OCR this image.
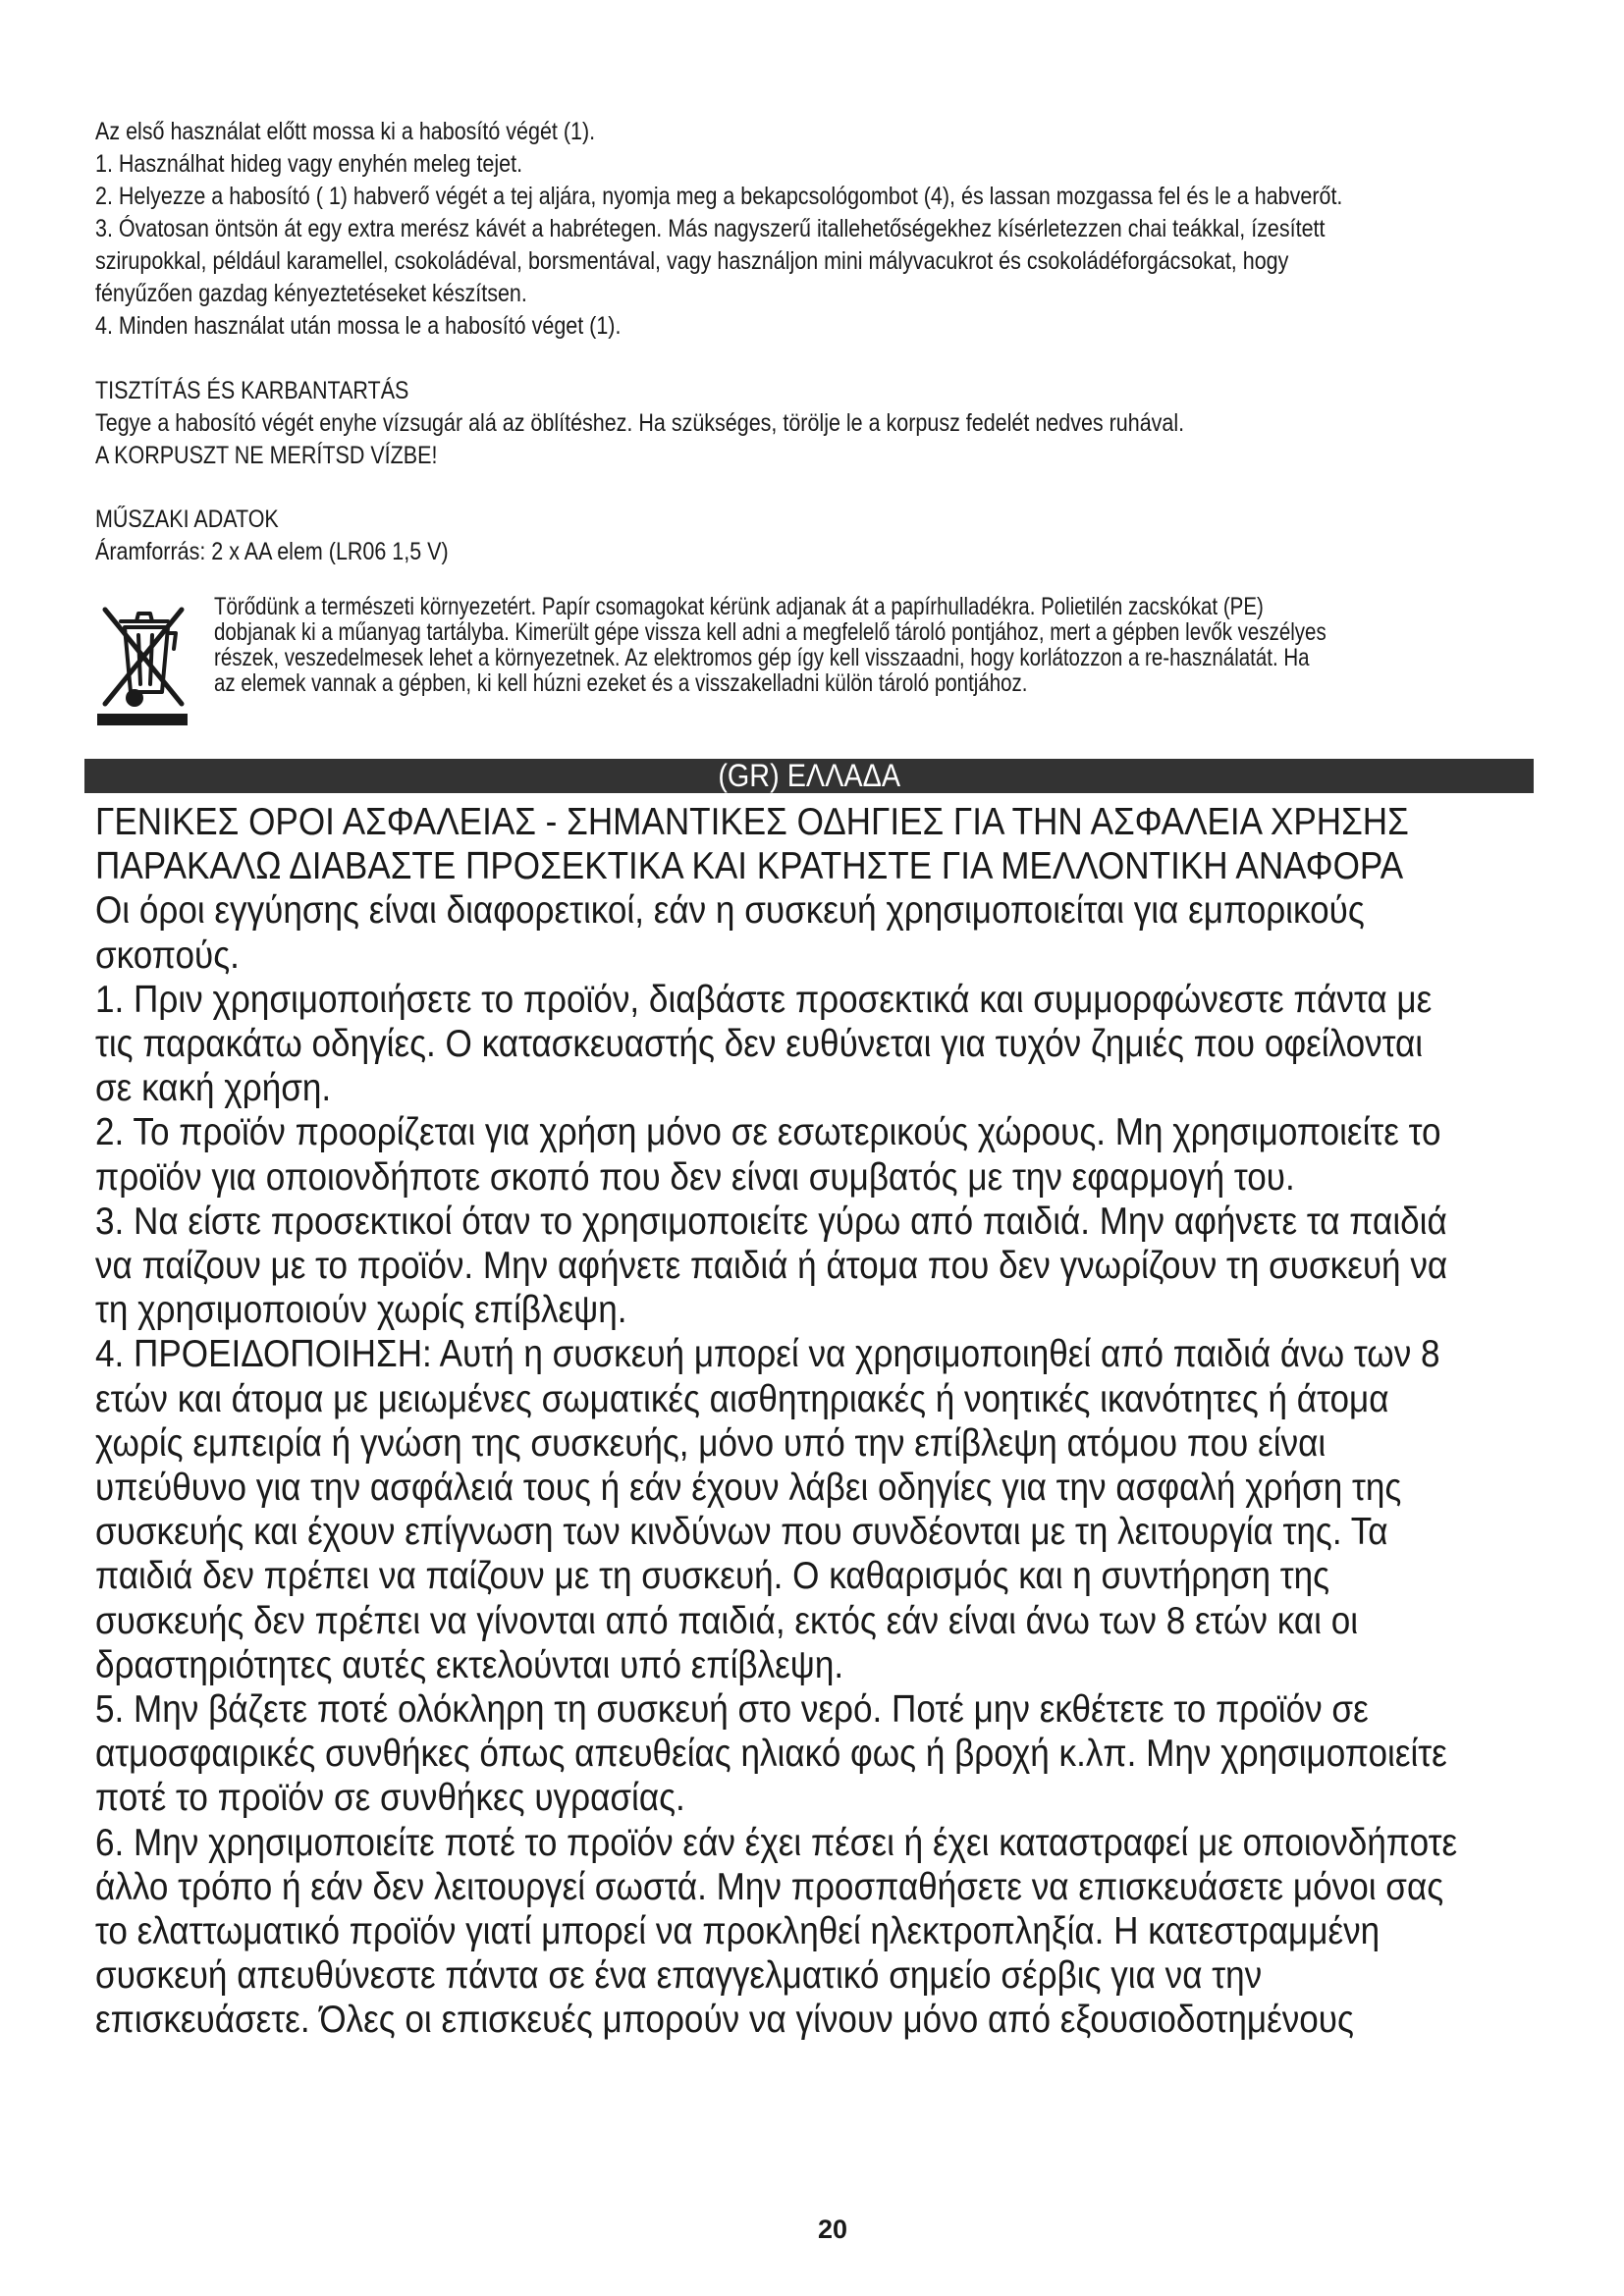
Az első használat előtt mossa ki a habosító végét (1).

1. Használhat hideg vagy enyhén meleg tejet.

2. Helyezze a habosító ( 1) habverő végét a tej aljára, nyomja meg a bekapcsológombot (4), és lassan mozgassa fel és le a habverőt.

3. Óvatosan öntsön át egy extra merész kávét a habrétegen. Más nagyszerű itallehetőségekhez kísérletezzen chai teákkal, ízesített

szirupokkal, például karamellel, csokoládéval, borsmentával, vagy használjon mini mályvacukrot és csokoládéforgácsokat, hogy

fényűzően gazdag kényeztetéseket készítsen.

4. Minden használat után mossa le a habosító véget (1).

TISZTÍTÁS ÉS KARBANTARTÁS

Tegye a habosító végét enyhe vízsugár alá az öblítéshez. Ha szükséges, törölje le a korpusz fedelét nedves ruhával.

A KORPUSZT NE MERÍTSD VÍZBE!

MŰSZAKI ADATOK

Áramforrás: 2 x AA elem (LR06 1,5 V)

Törődünk a természeti környezetért. Papír csomagokat kérünk adjanak át a papírhulladékra. Polietilén zacskókat (PE)

dobjanak ki a műanyag tartályba. Kimerült gépe vissza kell adni a megfelelő tároló pontjához, mert a gépben levők veszélyes

részek, veszedelmesek lehet a környezetnek. Az elektromos gép így kell visszaadni, hogy korlátozzon a re-használatát. Ha

az elemek vannak a gépben, ki kell húzni ezeket és a visszakelladni külön tároló pontjához.

(GR) ΕΛΛΑΔΑ

ΓΕΝΙΚΕΣ ΟΡΟΙ ΑΣΦΑΛΕΙΑΣ - ΣΗΜΑΝΤΙΚΕΣ ΟΔΗΓΙΕΣ ΓΙΑ ΤΗΝ ΑΣΦΑΛΕΙΑ ΧΡΗΣΗΣ

ΠΑΡΑΚΑΛΩ ΔΙΑΒΑΣΤΕ ΠΡΟΣΕΚΤΙΚΑ ΚΑΙ ΚΡΑΤΗΣΤΕ ΓΙΑ ΜΕΛΛΟΝΤΙΚΗ ΑΝΑΦΟΡΑ

Οι όροι εγγύησης είναι διαφορετικοί, εάν η συσκευή χρησιμοποιείται για εμπορικούς

σκοπούς.

1. Πριν χρησιμοποιήσετε το προϊόν, διαβάστε προσεκτικά και συμμορφώνεστε πάντα με

τις παρακάτω οδηγίες. Ο κατασκευαστής δεν ευθύνεται για τυχόν ζημιές που οφείλονται

σε κακή χρήση.

2. Το προϊόν προορίζεται για χρήση μόνο σε εσωτερικούς χώρους. Μη χρησιμοποιείτε το

προϊόν για οποιονδήποτε σκοπό που δεν είναι συμβατός με την εφαρμογή του.

3. Να είστε προσεκτικοί όταν το χρησιμοποιείτε γύρω από παιδιά. Μην αφήνετε τα παιδιά

να παίζουν με το προϊόν. Μην αφήνετε παιδιά ή άτομα που δεν γνωρίζουν τη συσκευή να

τη χρησιμοποιούν χωρίς επίβλεψη.

4. ΠΡΟΕΙΔΟΠΟΙΗΣΗ: Αυτή η συσκευή μπορεί να χρησιμοποιηθεί από παιδιά άνω των 8

ετών και άτομα με μειωμένες σωματικές αισθητηριακές ή νοητικές ικανότητες ή άτομα

χωρίς εμπειρία ή γνώση της συσκευής, μόνο υπό την επίβλεψη ατόμου που είναι

υπεύθυνο για την ασφάλειά τους ή εάν έχουν λάβει οδηγίες για την ασφαλή χρήση της

συσκευής και έχουν επίγνωση των κινδύνων που συνδέονται με τη λειτουργία της. Τα

παιδιά δεν πρέπει να παίζουν με τη συσκευή. Ο καθαρισμός και η συντήρηση της

συσκευής δεν πρέπει να γίνονται από παιδιά, εκτός εάν είναι άνω των 8 ετών και οι

δραστηριότητες αυτές εκτελούνται υπό επίβλεψη.

5. Μην βάζετε ποτέ ολόκληρη τη συσκευή στο νερό. Ποτέ μην εκθέτετε το προϊόν σε

ατμοσφαιρικές συνθήκες όπως απευθείας ηλιακό φως ή βροχή κ.λπ. Μην χρησιμοποιείτε

ποτέ το προϊόν σε συνθήκες υγρασίας.

6. Μην χρησιμοποιείτε ποτέ το προϊόν εάν έχει πέσει ή έχει καταστραφεί με οποιονδήποτε

άλλο τρόπο ή εάν δεν λειτουργεί σωστά. Μην προσπαθήσετε να επισκευάσετε μόνοι σας

το ελαττωματικό προϊόν γιατί μπορεί να προκληθεί ηλεκτροπληξία. Η κατεστραμμένη

συσκευή απευθύνεστε πάντα σε ένα επαγγελματικό σημείο σέρβις για να την

επισκευάσετε. Όλες οι επισκευές μπορούν να γίνουν μόνο από εξουσιοδοτημένους

20
